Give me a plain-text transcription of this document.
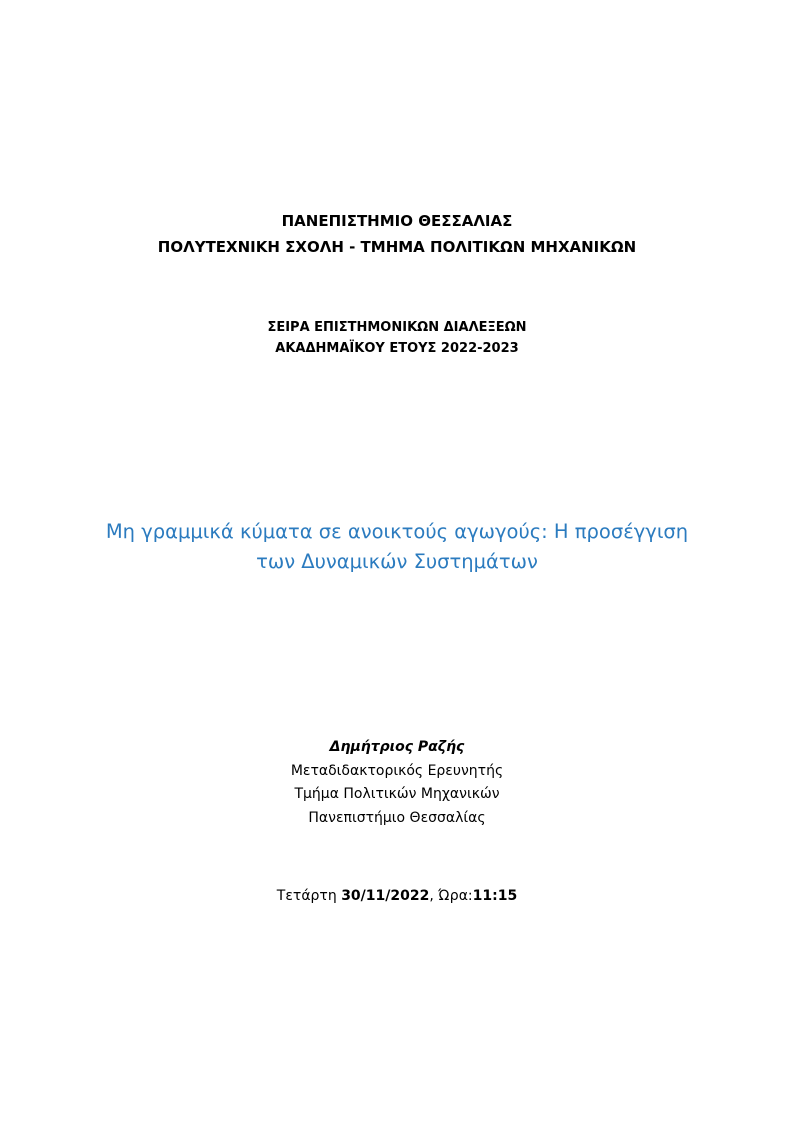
ΠΑΝΕΠΙΣΤΗΜΙΟ ΘΕΣΣΑΛΙΑΣ
ΠΟΛΥΤΕΧΝΙΚΗ ΣΧΟΛΗ - ΤΜΗΜΑ ΠΟΛΙΤΙΚΩΝ ΜΗΧΑΝΙΚΩΝ
ΣΕΙΡΑ ΕΠΙΣΤΗΜΟΝΙΚΩΝ ΔΙΑΛΕΞΕΩΝ
ΑΚΑΔΗΜΑΪΚΟΥ ΕΤΟΥΣ 2022-2023
Μη γραμμικά κύματα σε ανοικτούς αγωγούς: Η προσέγγιση
των Δυναμικών Συστημάτων
Δημήτριος Ραζής
Μεταδιδακτορικός Ερευνητής
Τμήμα Πολιτικών Μηχανικών
Πανεπιστήμιο Θεσσαλίας
Τετάρτη 30/11/2022, Ώρα:11:15
